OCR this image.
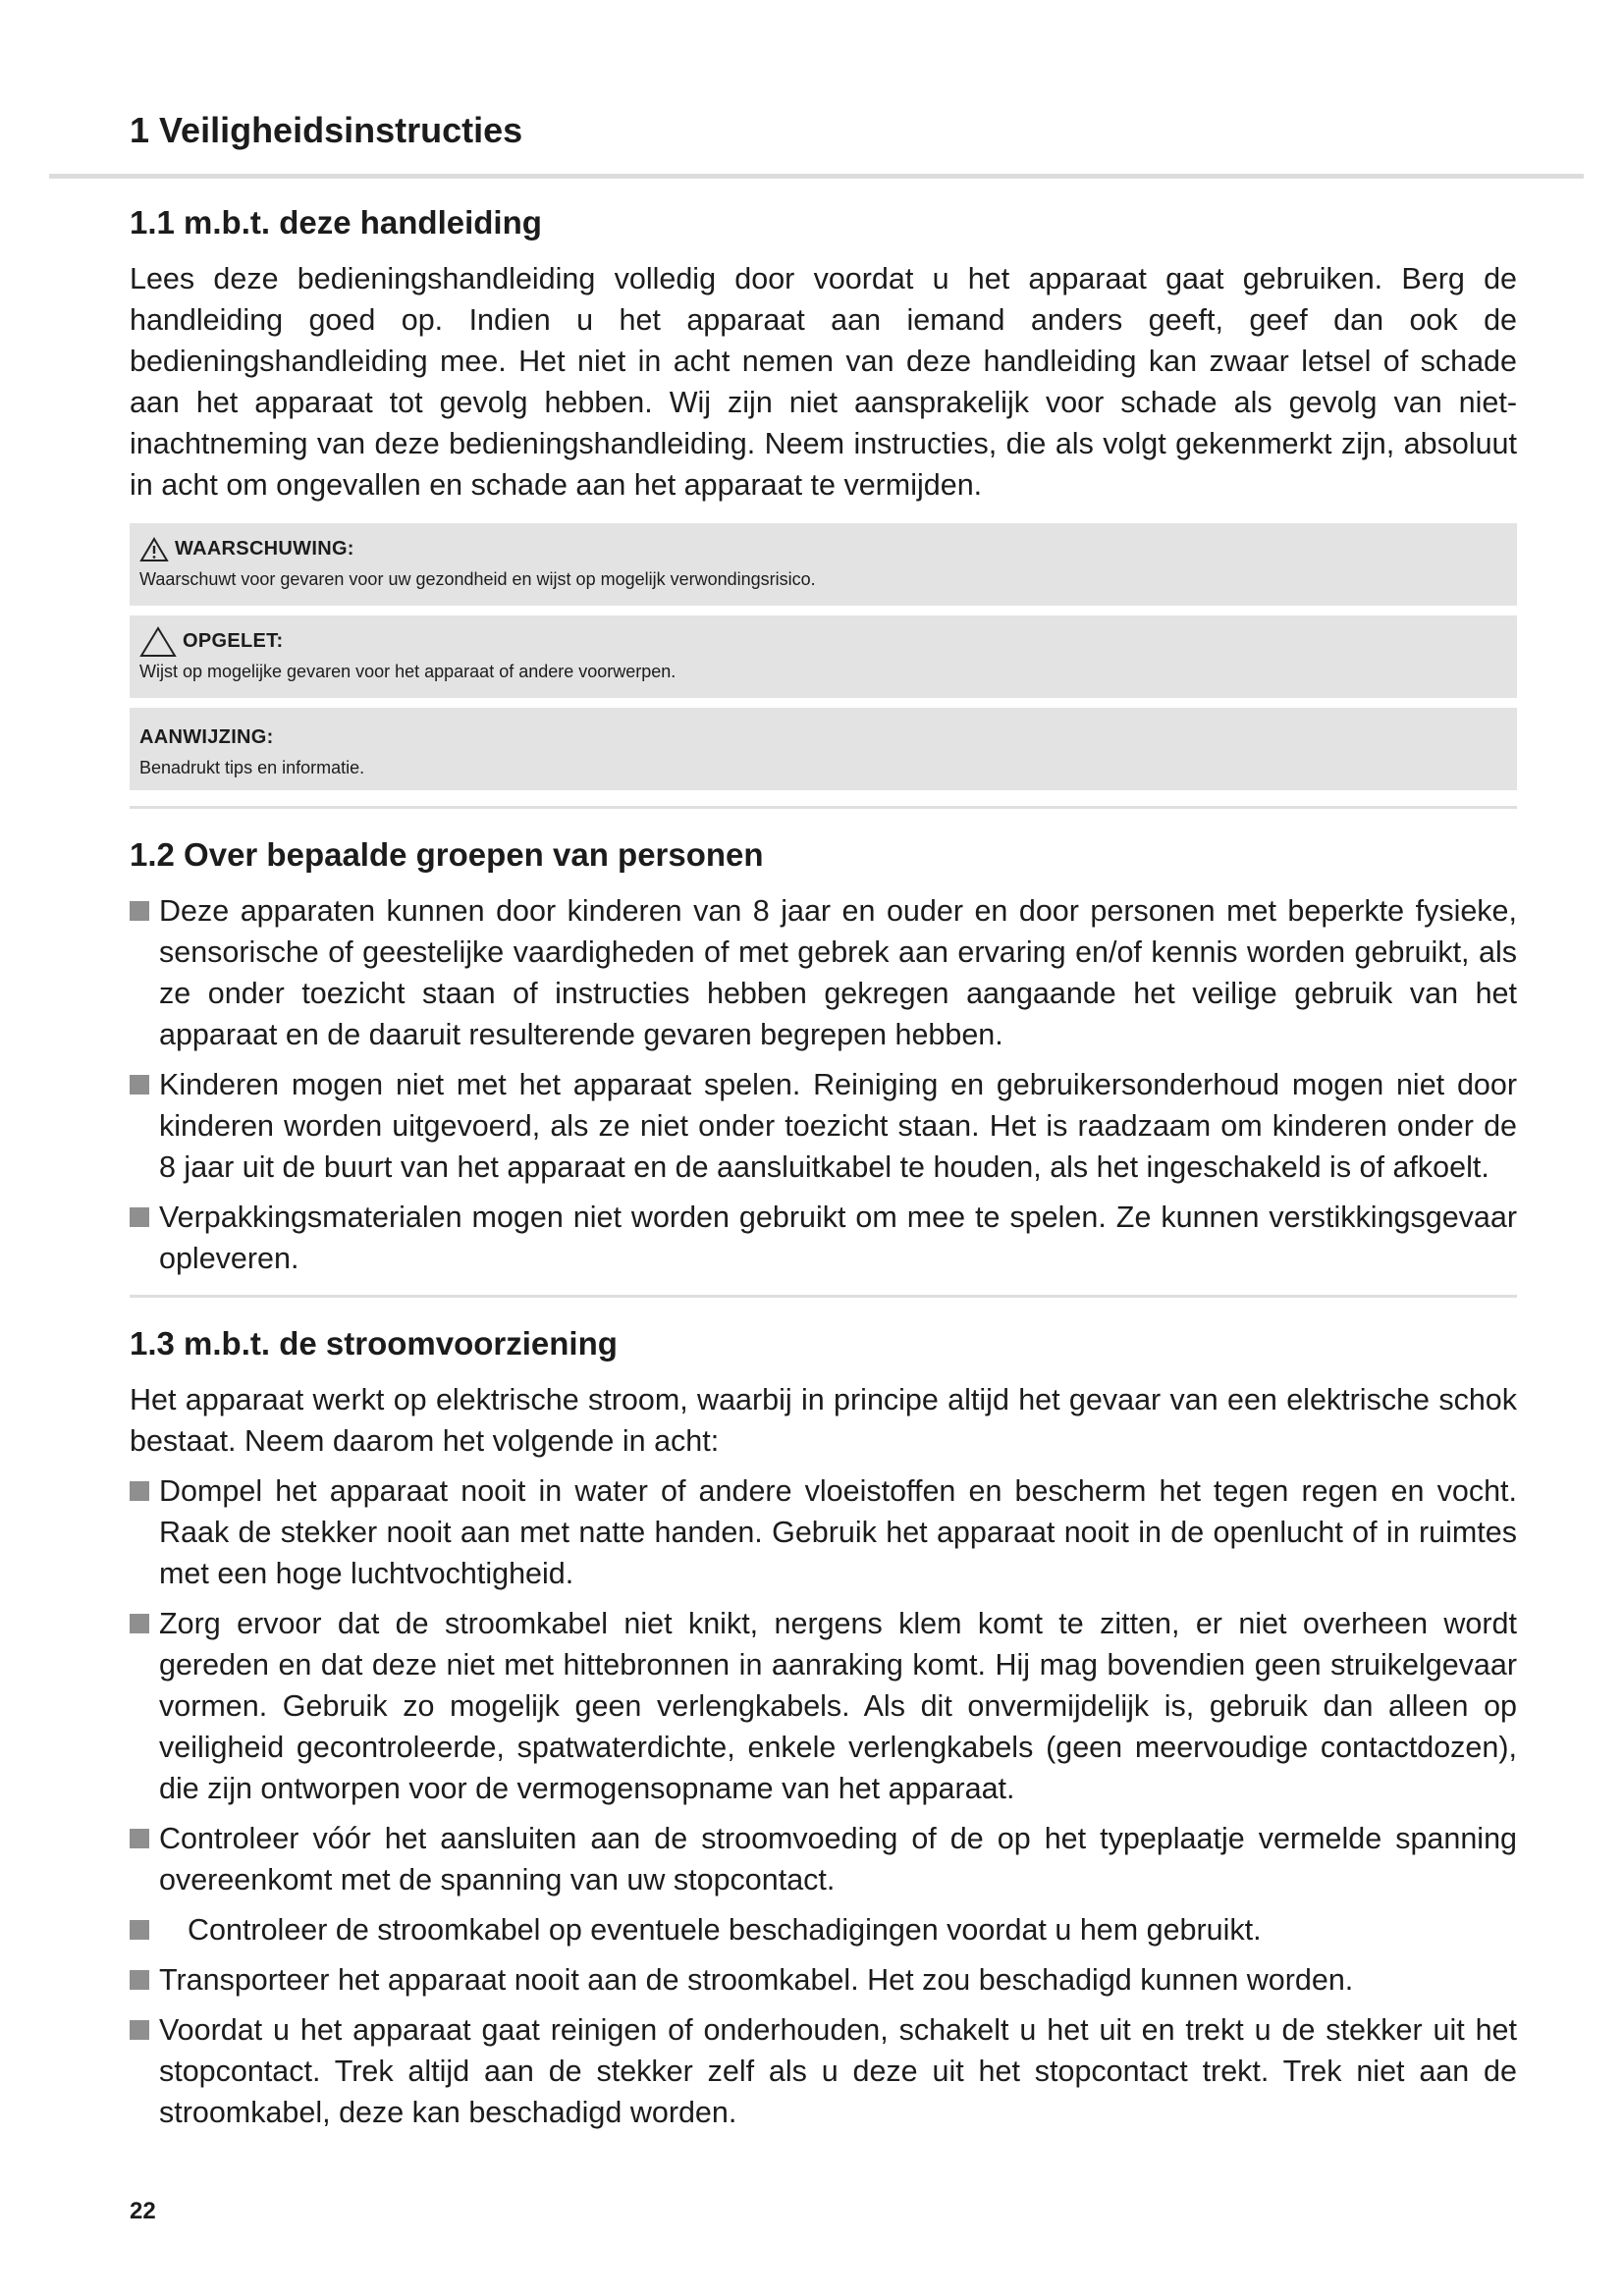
1 Veiligheidsinstructies
1.1 m.b.t. deze handleiding

Lees deze bedieningshandleiding volledig door voordat u het apparaat gaat gebruiken. Berg de handleiding goed op. Indien u het apparaat aan iemand anders geeft, geef dan ook de bedieningshandleiding mee. Het niet in acht nemen van deze handleiding kan zwaar letsel of schade aan het apparaat tot gevolg hebben. Wij zijn niet aansprakelijk voor schade als gevolg van niet-inachtneming van deze bedieningshandleiding. Neem instructies, die als volgt gekenmerkt zijn, absoluut in acht om ongevallen en schade aan het apparaat te vermijden.

WAARSCHUWING:
Waarschuwt voor gevaren voor uw gezondheid en wijst op mogelijk verwondingsrisico.
OPGELET:
Wijst op mogelijke gevaren voor het apparaat of andere voorwerpen.
AANWIJZING:
Benadrukt tips en informatie.
1.2 Over bepaalde groepen van personen
Deze apparaten kunnen door kinderen van 8 jaar en ouder en door personen met beperkte fysieke, sensorische of geestelijke vaardigheden of met gebrek aan ervaring en/of kennis worden gebruikt, als ze onder toezicht staan of instructies hebben gekregen aangaande het veilige gebruik van het apparaat en de daaruit resulterende gevaren begrepen hebben.
Kinderen mogen niet met het apparaat spelen. Reiniging en gebruikersonderhoud mogen niet door kinderen worden uitgevoerd, als ze niet onder toezicht staan. Het is raadzaam om kinderen onder de 8 jaar uit de buurt van het apparaat en de aansluitkabel te houden, als het ingeschakeld is of afkoelt.
Verpakkingsmaterialen mogen niet worden gebruikt om mee te spelen. Ze kunnen verstikkingsgevaar opleveren.
1.3 m.b.t. de stroomvoorziening

Het apparaat werkt op elektrische stroom, waarbij in principe altijd het gevaar van een elektrische schok bestaat. Neem daarom het volgende in acht:

Dompel het apparaat nooit in water of andere vloeistoffen en bescherm het tegen regen en vocht. Raak de stekker nooit aan met natte handen. Gebruik het apparaat nooit in de openlucht of in ruimtes met een hoge luchtvochtigheid.
Zorg ervoor dat de stroomkabel niet knikt, nergens klem komt te zitten, er niet overheen wordt gereden en dat deze niet met hittebronnen in aanraking komt. Hij mag bovendien geen struikelgevaar vormen. Gebruik zo mogelijk geen verlengkabels. Als dit onvermijdelijk is, gebruik dan alleen op veiligheid gecontroleerde, spatwaterdichte, enkele verlengkabels (geen meervoudige contactdozen), die zijn ontworpen voor de vermogensopname van het apparaat.
Controleer vóór het aansluiten aan de stroomvoeding of de op het typeplaatje vermelde spanning overeenkomt met de spanning van uw stopcontact.
Controleer de stroomkabel op eventuele beschadigingen voordat u hem gebruikt.
Transporteer het apparaat nooit aan de stroomkabel. Het zou beschadigd kunnen worden.
Voordat u het apparaat gaat reinigen of onderhouden, schakelt u het uit en trekt u de stekker uit het stopcontact. Trek altijd aan de stekker zelf als u deze uit het stopcontact trekt. Trek niet aan de stroomkabel, deze kan beschadigd worden.
22
